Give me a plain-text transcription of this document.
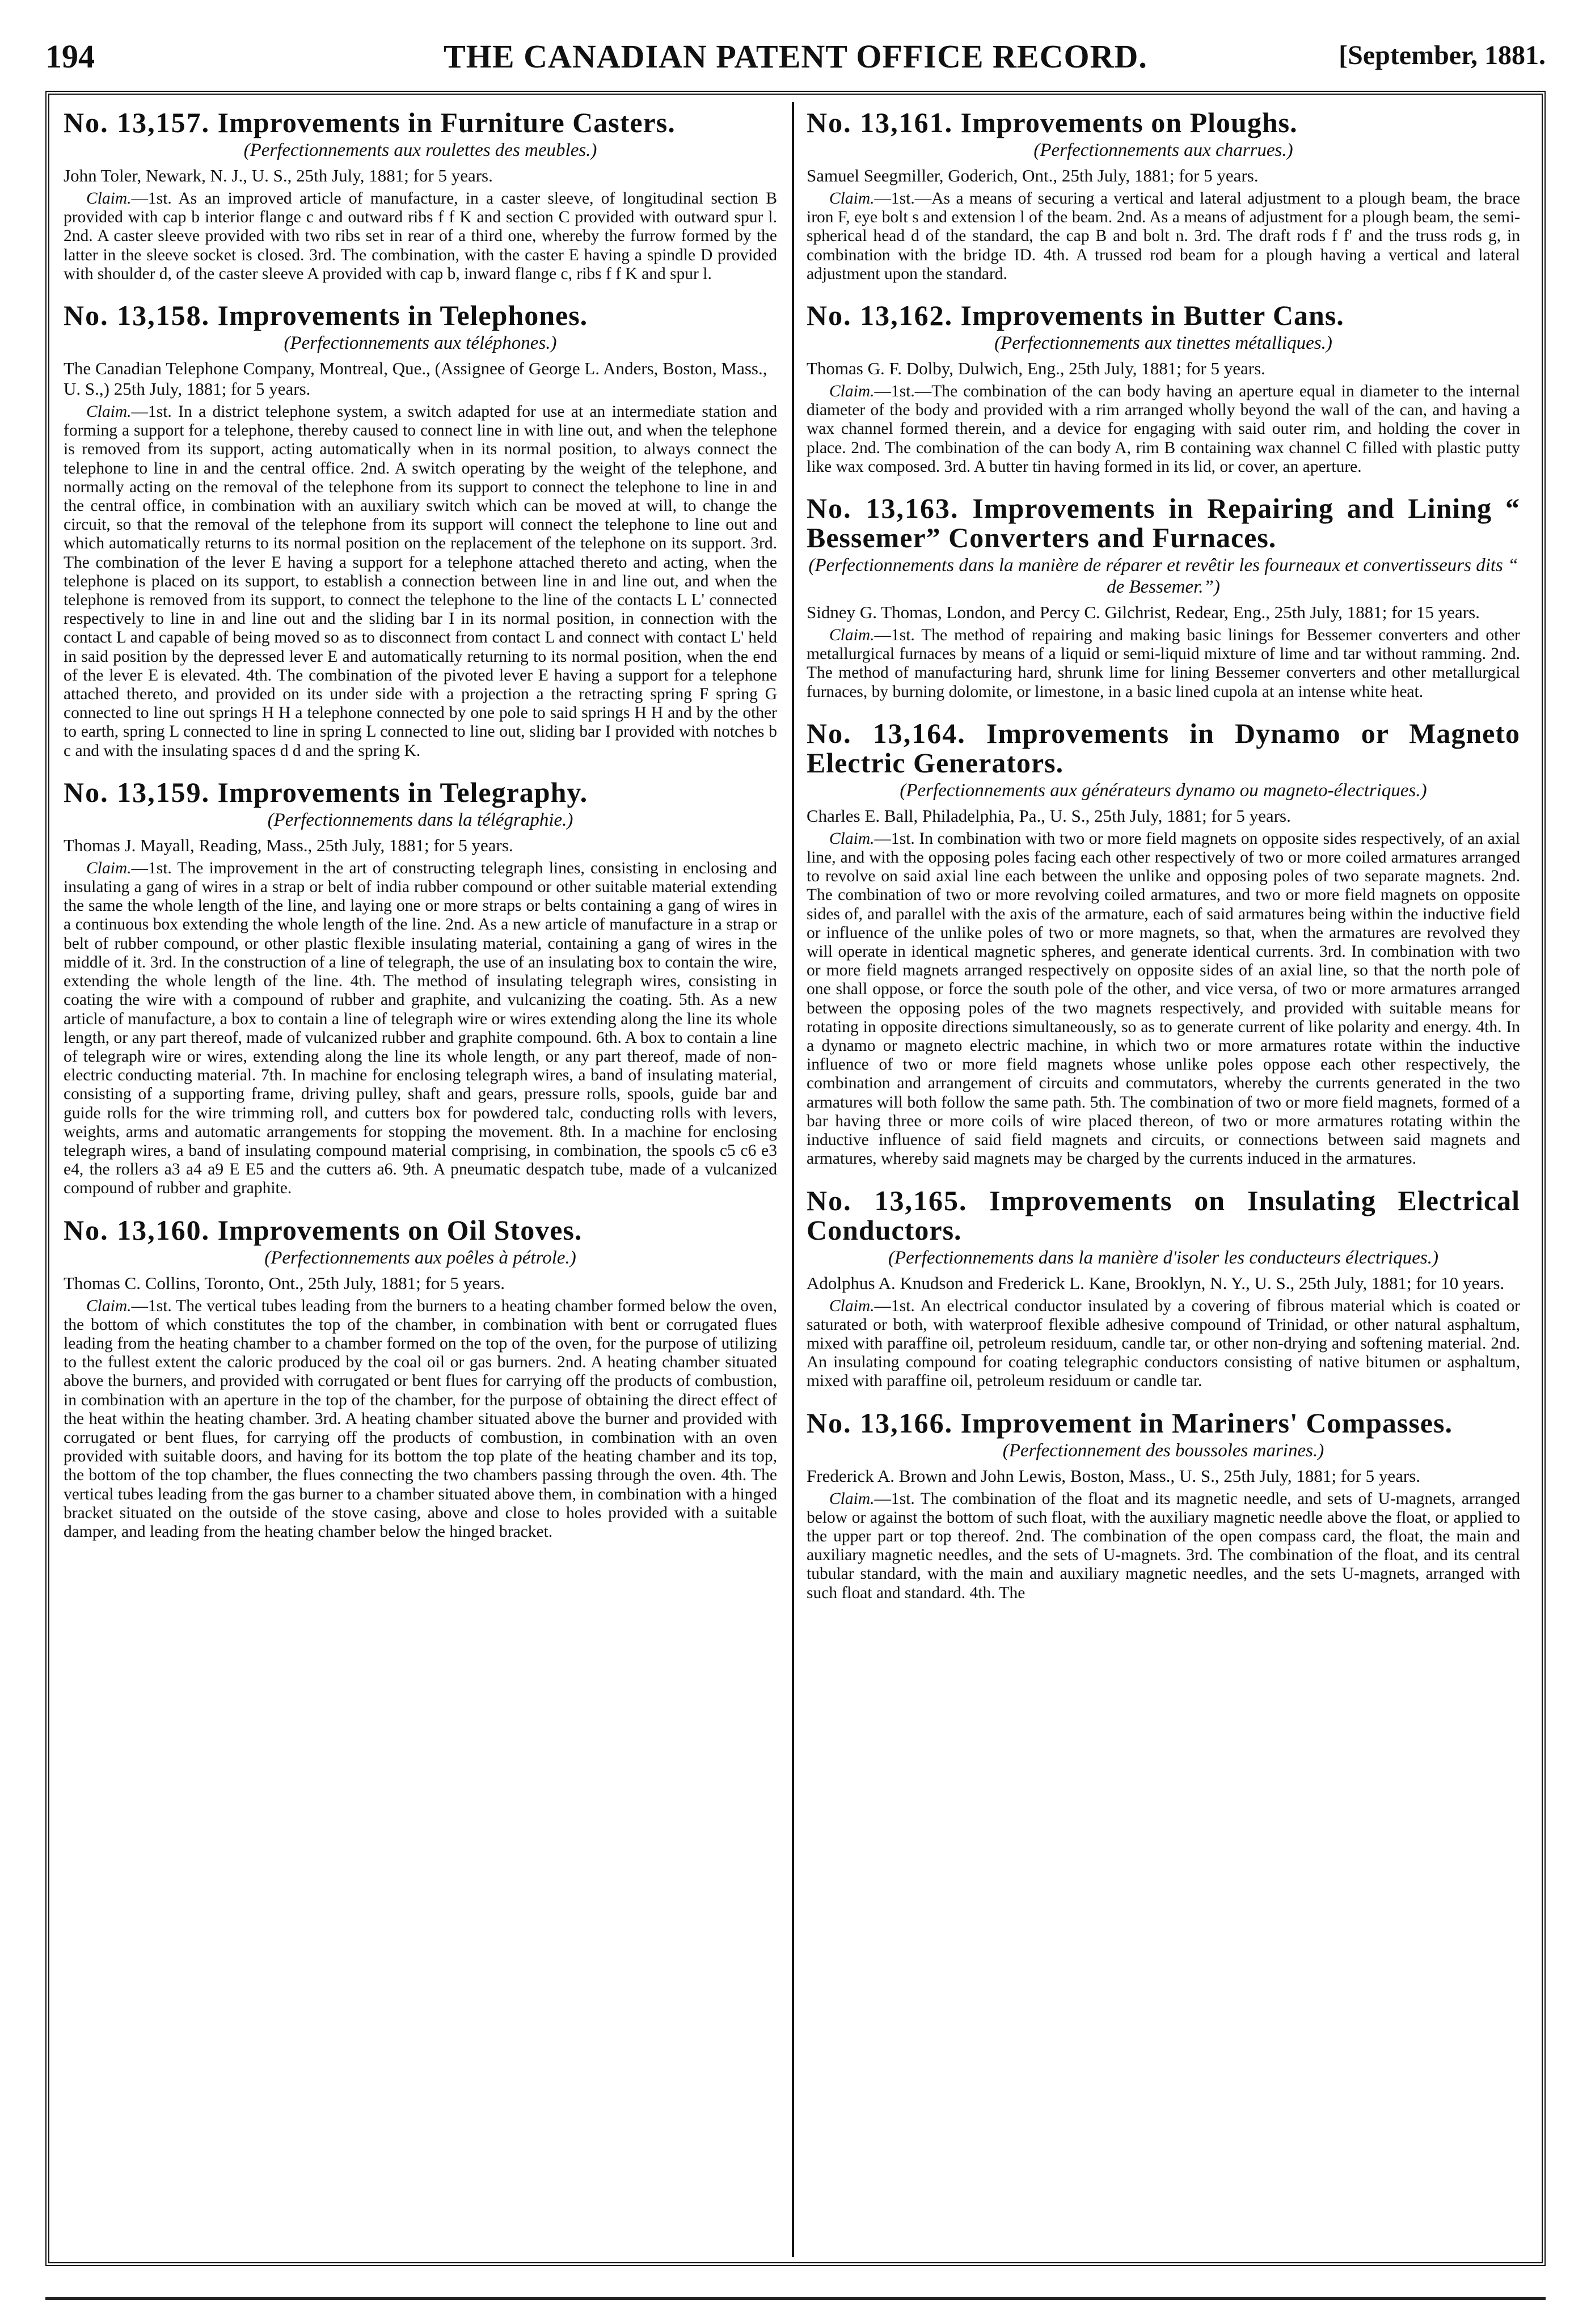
194	THE CANADIAN PATENT OFFICE RECORD.	[September, 1881.
No. 13,157. Improvements in Furniture Casters.
(Perfectionnements aux roulettes des meubles.)

John Toler, Newark, N. J., U. S., 25th July, 1881; for 5 years.

Claim.—1st. As an improved article of manufacture, in a caster sleeve, of longitudinal section B provided with cap b interior flange c and outward ribs f f K and section C provided with outward spur l. 2nd. A caster sleeve provided with two ribs set in rear of a third one, whereby the furrow formed by the latter in the sleeve socket is closed. 3rd. The combination, with the caster E having a spindle D provided with shoulder d, of the caster sleeve A provided with cap b, inward flange c, ribs f f K and spur l.

No. 13,158. Improvements in Telephones.
(Perfectionnements aux téléphones.)

The Canadian Telephone Company, Montreal, Que., (Assignee of George L. Anders, Boston, Mass., U. S.,) 25th July, 1881; for 5 years.

Claim.—1st. In a district telephone system, a switch adapted for use at an intermediate station and forming a support for a telephone, thereby caused to connect line in with line out, and when the telephone is removed from its support, acting automatically when in its normal position, to always connect the telephone to line in and the central office. 2nd. A switch operating by the weight of the telephone, and normally acting on the removal of the telephone from its support to connect the telephone to line in and the central office, in combination with an auxiliary switch which can be moved at will, to change the circuit, so that the removal of the telephone from its support will connect the telephone to line out and which automatically returns to its normal position on the replacement of the telephone on its support. 3rd. The combination of the lever E having a support for a telephone attached thereto and acting, when the telephone is placed on its support, to establish a connection between line in and line out, and when the telephone is removed from its support, to connect the telephone to the line of the contacts L L' connected respectively to line in and line out and the sliding bar I in its normal position, in connection with the contact L and capable of being moved so as to disconnect from contact L and connect with contact L' held in said position by the depressed lever E and automatically returning to its normal position, when the end of the lever E is elevated. 4th. The combination of the pivoted lever E having a support for a telephone attached thereto, and provided on its under side with a projection a the retracting spring F spring G connected to line out springs H H a telephone connected by one pole to said springs H H and by the other to earth, spring L connected to line in spring L connected to line out, sliding bar I provided with notches b c and with the insulating spaces d d and the spring K.

No. 13,159. Improvements in Telegraphy.
(Perfectionnements dans la télégraphie.)

Thomas J. Mayall, Reading, Mass., 25th July, 1881; for 5 years.

Claim.—1st. The improvement in the art of constructing telegraph lines, consisting in enclosing and insulating a gang of wires in a strap or belt of india rubber compound or other suitable material extending the same the whole length of the line, and laying one or more straps or belts containing a gang of wires in a continuous box extending the whole length of the line. 2nd. As a new article of manufacture in a strap or belt of rubber compound, or other plastic flexible insulating material, containing a gang of wires in the middle of it. 3rd. In the construction of a line of telegraph, the use of an insulating box to contain the wire, extending the whole length of the line. 4th. The method of insulating telegraph wires, consisting in coating the wire with a compound of rubber and graphite, and vulcanizing the coating. 5th. As a new article of manufacture, a box to contain a line of telegraph wire or wires extending along the line its whole length, or any part thereof, made of vulcanized rubber and graphite compound. 6th. A box to contain a line of telegraph wire or wires, extending along the line its whole length, or any part thereof, made of non-electric conducting material. 7th. In machine for enclosing telegraph wires, a band of insulating material, consisting of a supporting frame, driving pulley, shaft and gears, pressure rolls, spools, guide bar and guide rolls for the wire trimming roll, and cutters box for powdered talc, conducting rolls with levers, weights, arms and automatic arrangements for stopping the movement. 8th. In a machine for enclosing telegraph wires, a band of insulating compound material comprising, in combination, the spools c5 c6 e3 e4, the rollers a3 a4 a9 E E5 and the cutters a6. 9th. A pneumatic despatch tube, made of a vulcanized compound of rubber and graphite.

No. 13,160. Improvements on Oil Stoves.
(Perfectionnements aux poêles à pétrole.)

Thomas C. Collins, Toronto, Ont., 25th July, 1881; for 5 years.

Claim.—1st. The vertical tubes leading from the burners to a heating chamber formed below the oven, the bottom of which constitutes the top of the chamber, in combination with bent or corrugated flues leading from the heating chamber to a chamber formed on the top of the oven, for the purpose of utilizing to the fullest extent the caloric produced by the coal oil or gas burners. 2nd. A heating chamber situated above the burners, and provided with corrugated or bent flues for carrying off the products of combustion, in combination with an aperture in the top of the chamber, for the purpose of obtaining the direct effect of the heat within the heating chamber. 3rd. A heating chamber situated above the burner and provided with corrugated or bent flues, for carrying off the products of combustion, in combination with an oven provided with suitable doors, and having for its bottom the top plate of the heating chamber and its top, the bottom of the top chamber, the flues connecting the two chambers passing through the oven. 4th. The vertical tubes leading from the gas burner to a chamber situated above them, in combination with a hinged bracket situated on the outside of the stove casing, above and close to holes provided with a suitable damper, and leading from the heating chamber below the hinged bracket.

No. 13,161. Improvements on Ploughs.
(Perfectionnements aux charrues.)

Samuel Seegmiller, Goderich, Ont., 25th July, 1881; for 5 years.

Claim.—1st.—As a means of securing a vertical and lateral adjustment to a plough beam, the brace iron F, eye bolt s and extension l of the beam. 2nd. As a means of adjustment for a plough beam, the semi-spherical head d of the standard, the cap B and bolt n. 3rd. The draft rods f f' and the truss rods g, in combination with the bridge ID. 4th. A trussed rod beam for a plough having a vertical and lateral adjustment upon the standard.

No. 13,162. Improvements in Butter Cans.
(Perfectionnements aux tinettes métalliques.)

Thomas G. F. Dolby, Dulwich, Eng., 25th July, 1881; for 5 years.

Claim.—1st.—The combination of the can body having an aperture equal in diameter to the internal diameter of the body and provided with a rim arranged wholly beyond the wall of the can, and having a wax channel formed therein, and a device for engaging with said outer rim, and holding the cover in place. 2nd. The combination of the can body A, rim B containing wax channel C filled with plastic putty like wax composed. 3rd. A butter tin having formed in its lid, or cover, an aperture.

No. 13,163. Improvements in Repairing and Lining “ Bessemer” Converters and Furnaces.
(Perfectionnements dans la manière de réparer et revêtir les fourneaux et convertisseurs dits “ de Bessemer.”)

Sidney G. Thomas, London, and Percy C. Gilchrist, Redear, Eng., 25th July, 1881; for 15 years.

Claim.—1st. The method of repairing and making basic linings for Bessemer converters and other metallurgical furnaces by means of a liquid or semi-liquid mixture of lime and tar without ramming. 2nd. The method of manufacturing hard, shrunk lime for lining Bessemer converters and other metallurgical furnaces, by burning dolomite, or limestone, in a basic lined cupola at an intense white heat.

No. 13,164. Improvements in Dynamo or Magneto Electric Generators.
(Perfectionnements aux générateurs dynamo ou magneto-électriques.)

Charles E. Ball, Philadelphia, Pa., U. S., 25th July, 1881; for 5 years.

Claim.—1st. In combination with two or more field magnets on opposite sides respectively, of an axial line, and with the opposing poles facing each other respectively of two or more coiled armatures arranged to revolve on said axial line each between the unlike and opposing poles of two separate magnets. 2nd. The combination of two or more revolving coiled armatures, and two or more field magnets on opposite sides of, and parallel with the axis of the armature, each of said armatures being within the inductive field or influence of the unlike poles of two or more magnets, so that, when the armatures are revolved they will operate in identical magnetic spheres, and generate identical currents. 3rd. In combination with two or more field magnets arranged respectively on opposite sides of an axial line, so that the north pole of one shall oppose, or force the south pole of the other, and vice versa, of two or more armatures arranged between the opposing poles of the two magnets respectively, and provided with suitable means for rotating in opposite directions simultaneously, so as to generate current of like polarity and energy. 4th. In a dynamo or magneto electric machine, in which two or more armatures rotate within the inductive influence of two or more field magnets whose unlike poles oppose each other respectively, the combination and arrangement of circuits and commutators, whereby the currents generated in the two armatures will both follow the same path. 5th. The combination of two or more field magnets, formed of a bar having three or more coils of wire placed thereon, of two or more armatures rotating within the inductive influence of said field magnets and circuits, or connections between said magnets and armatures, whereby said magnets may be charged by the currents induced in the armatures.

No. 13,165. Improvements on Insulating Electrical Conductors.
(Perfectionnements dans la manière d'isoler les conducteurs électriques.)

Adolphus A. Knudson and Frederick L. Kane, Brooklyn, N. Y., U. S., 25th July, 1881; for 10 years.

Claim.—1st. An electrical conductor insulated by a covering of fibrous material which is coated or saturated or both, with waterproof flexible adhesive compound of Trinidad, or other natural asphaltum, mixed with paraffine oil, petroleum residuum, candle tar, or other non-drying and softening material. 2nd. An insulating compound for coating telegraphic conductors consisting of native bitumen or asphaltum, mixed with paraffine oil, petroleum residuum or candle tar.

No. 13,166. Improvement in Mariners' Compasses.
(Perfectionnement des boussoles marines.)

Frederick A. Brown and John Lewis, Boston, Mass., U. S., 25th July, 1881; for 5 years.

Claim.—1st. The combination of the float and its magnetic needle, and sets of U-magnets, arranged below or against the bottom of such float, with the auxiliary magnetic needle above the float, or applied to the upper part or top thereof. 2nd. The combination of the open compass card, the float, the main and auxiliary magnetic needles, and the sets of U-magnets. 3rd. The combination of the float, and its central tubular standard, with the main and auxiliary magnetic needles, and the sets U-magnets, arranged with such float and standard. 4th. The
